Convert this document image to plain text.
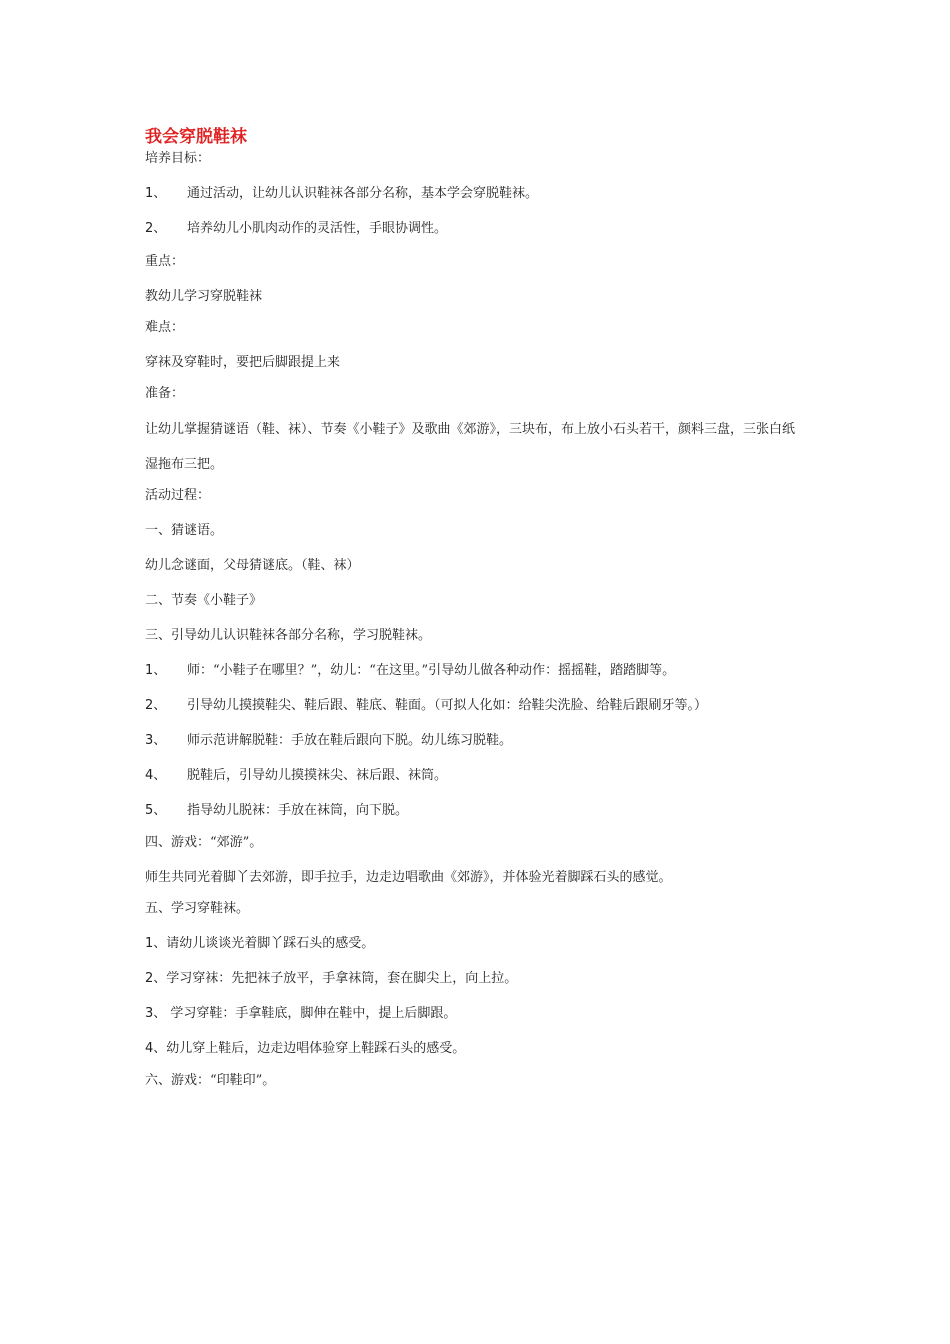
我会穿脱鞋袜
培养目标：
1、 通过活动，让幼儿认识鞋袜各部分名称，基本学会穿脱鞋袜。
2、 培养幼儿小肌肉动作的灵活性，手眼协调性。
重点：
教幼儿学习穿脱鞋袜
难点：
穿袜及穿鞋时，要把后脚跟提上来
准备：
让幼儿掌握猜谜语（鞋、袜）、节奏《小鞋子》及歌曲《郊游》，三块布，布上放小石头若干，颜料三盘，三张白纸
湿拖布三把。
活动过程：
一、猜谜语。
幼儿念谜面，父母猜谜底。（鞋、袜）
二、节奏《小鞋子》
三、引导幼儿认识鞋袜各部分名称，学习脱鞋袜。
1、 师：“小鞋子在哪里？”，幼儿：“在这里。”引导幼儿做各种动作：摇摇鞋，踏踏脚等。
2、 引导幼儿摸摸鞋尖、鞋后跟、鞋底、鞋面。（可拟人化如：给鞋尖洗脸、给鞋后跟刷牙等。）
3、 师示范讲解脱鞋：手放在鞋后跟向下脱。幼儿练习脱鞋。
4、 脱鞋后，引导幼儿摸摸袜尖、袜后跟、袜筒。
5、 指导幼儿脱袜：手放在袜筒，向下脱。
四、游戏：“郊游”。
师生共同光着脚丫去郊游，即手拉手，边走边唱歌曲《郊游》，并体验光着脚踩石头的感觉。
五、学习穿鞋袜。
1、请幼儿谈谈光着脚丫踩石头的感受。
2、学习穿袜：先把袜子放平，手拿袜筒，套在脚尖上，向上拉。
3、 学习穿鞋：手拿鞋底，脚伸在鞋中，提上后脚跟。
4、幼儿穿上鞋后，边走边唱体验穿上鞋踩石头的感受。
六、游戏：“印鞋印”。
